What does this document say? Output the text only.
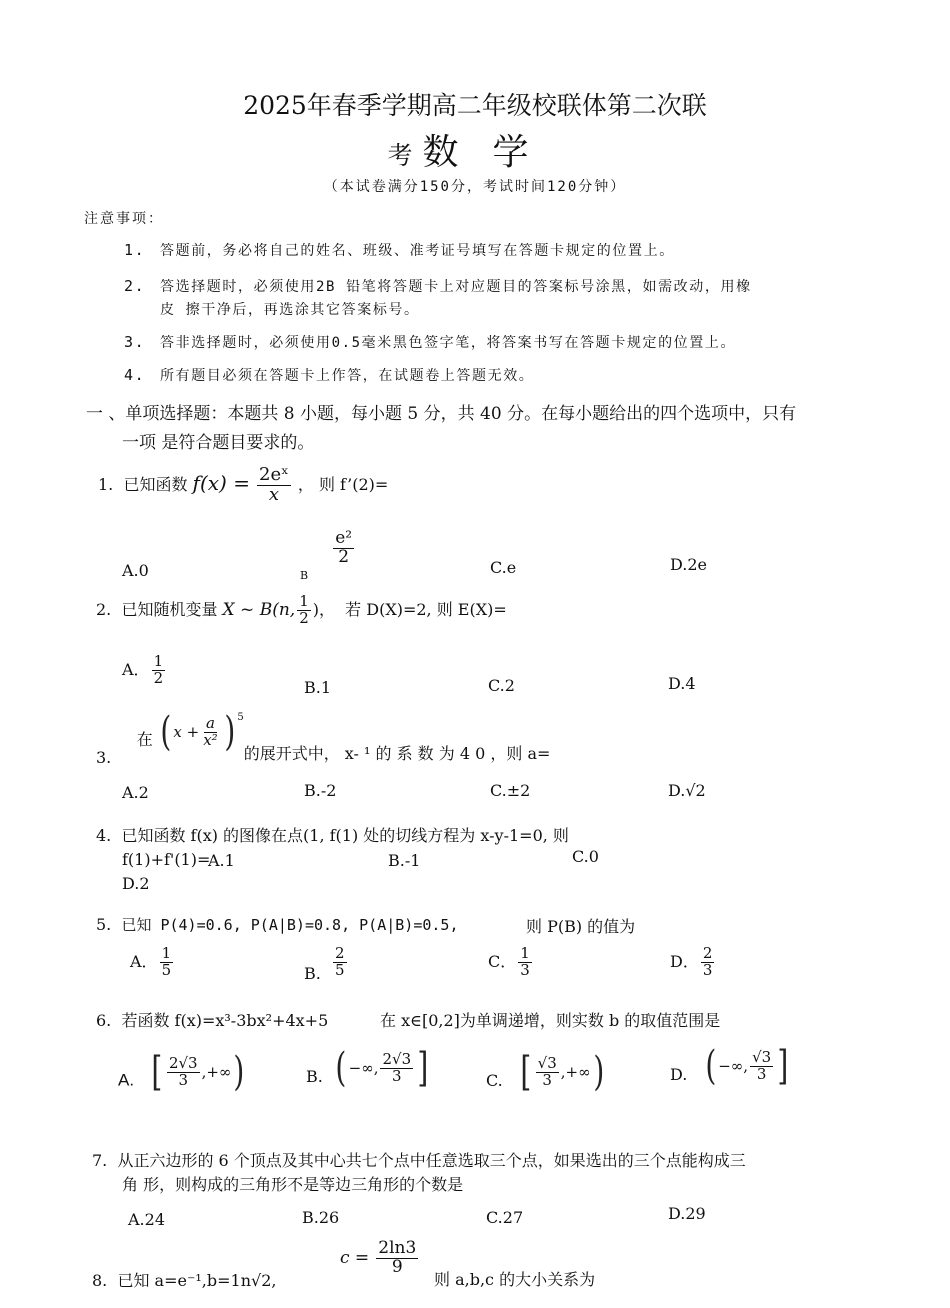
2025年春季学期高二年级校联体第二次联
考 数学
（本试卷满分150分，考试时间120分钟）
注意事项：
1. 答题前，务必将自己的姓名、班级、准考证号填写在答题卡规定的位置上。
2. 答选择题时，必须使用2B 铅笔将答题卡上对应题目的答案标号涂黑，如需改动，用橡
皮 擦干净后，再选涂其它答案标号。
3. 答非选择题时，必须使用0.5毫米黑色签字笔，将答案书写在答题卡规定的位置上。
4. 所有题目必须在答题卡上作答，在试题卷上答题无效。
一 、单项选择题：本题共 8 小题，每小题 5 分，共 40 分。在每小题给出的四个选项中，只有
一项 是符合题目要求的。
1. 已知函数 $f(x) = \frac{\text{2eˣ}}{x}$ ， 则 f’(2)=
A.0	$_B$
$\frac{\text{e²}}{2}$
C.e	D.2e
2. 已知随机变量 X ~ B(n, $\frac{1}{2}$ )， 若 D(X)=2, 则 E(X)=
A． $\frac{1}{2}$
B.1	C.2	D.4
3.     在 ( $x + \frac{a}{\text{x²}} )^5$
的展开式中， x- ¹ 的 系 数 为 4 0 ，则 a=
A.2	B.-2	C.±2	D.√2
4. 已知函数 f(x) 的图像在点(1, f(1) 处的切线方程为 x-y-1=0, 则
f(1)+f'(1)=
A.1	B.-1	C.0
D.2
5. 已知 P(4)=0.6, P(A|B)=0.8, P(A|B)=0.5,	则 P(B) 的值为
A． $\frac{1}{5}$	B. $\frac{2}{5}$	C． $\frac{1}{3}$	D． $\frac{2}{3}$
6. 若函数 f(x)=x³-3bx²+4x+5	在 x∈[0,2]为单调递增，则实数 b 的取值范围是
A. [ $\frac{2√3}{3}$ ,+∞ )	B. ( −∞, $\frac{2√3}{3}$ ]	C. [ $\frac{√3}{3}$ ,+∞ )	D. ( −∞, $\frac{√3}{3}$ ]
7. 从正六边形的 6 个顶点及其中心共七个点中任意选取三个点，如果选出的三个点能构成三
角 形，则构成的三角形不是等边三角形的个数是
A.24	B.26	C.27	D.29
8. 已知 a=e⁻¹,b=1n√2,
$c = \frac{2\ln 3}{9}$
则 a,b,c 的大小关系为
